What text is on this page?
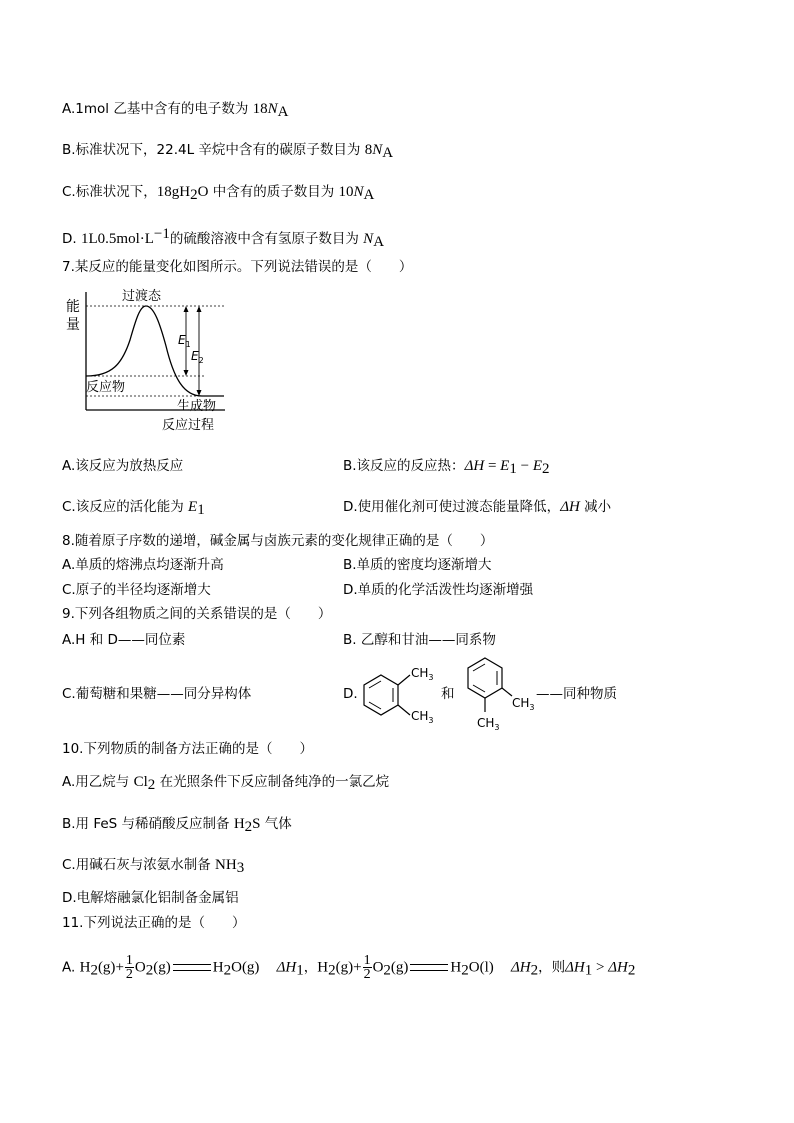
A.1mol 乙基中含有的电子数为 $18N_A$
B.标准状况下，22.4L 辛烷中含有的碳原子数目为 $8N_A$
C.标准状况下，$18gH_2O$ 中含有的质子数目为 $10N_A$
D. $1L0.5mol\cdot L^{-1}$的硫酸溶液中含有氢原子数目为 $N_A$
7.某反应的能量变化如图所示。下列说法错误的是（　　）
能
量
过渡态
反应物
生成物
$E_1$
$E_2$
反应过程
A.该反应为放热反应	B.该反应的反应热：$\Delta H = E_1 - E_2$
C.该反应的活化能为 $E_1$	D.使用催化剂可使过渡态能量降低，ΔH 减小
8.随着原子序数的递增，碱金属与卤族元素的变化规律正确的是（　　）
A.单质的熔沸点均逐渐升高	B.单质的密度均逐渐增大
C.原子的半径均逐渐增大	D.单质的化学活泼性均逐渐增强
9.下列各组物质之间的关系错误的是（　　）
A.H 和 D——同位素	B. 乙醇和甘油——同系物
C.葡萄糖和果糖——同分异构体	D.
$CH_3$
$CH_3$
和
$CH_3$
$CH_3$
——同种物质
10.下列物质的制备方法正确的是（　　）
A.用乙烷与 $Cl_2$ 在光照条件下反应制备纯净的一氯乙烷
B.用 FeS 与稀硝酸反应制备 $H_2S$ 气体
C.用碱石灰与浓氨水制备 $NH_3$
D.电解熔融氯化铝制备金属铝
11.下列说法正确的是（　　）
A. $H_2(g)+ \frac{1}{2} O_2(g)$	$H_2O(g)$ $\Delta H_1$，$H_2(g)+ \frac{1}{2} O_2(g)$	$H_2O(l)$ $\Delta H_2$，则$\Delta H_1 > \Delta H_2$
